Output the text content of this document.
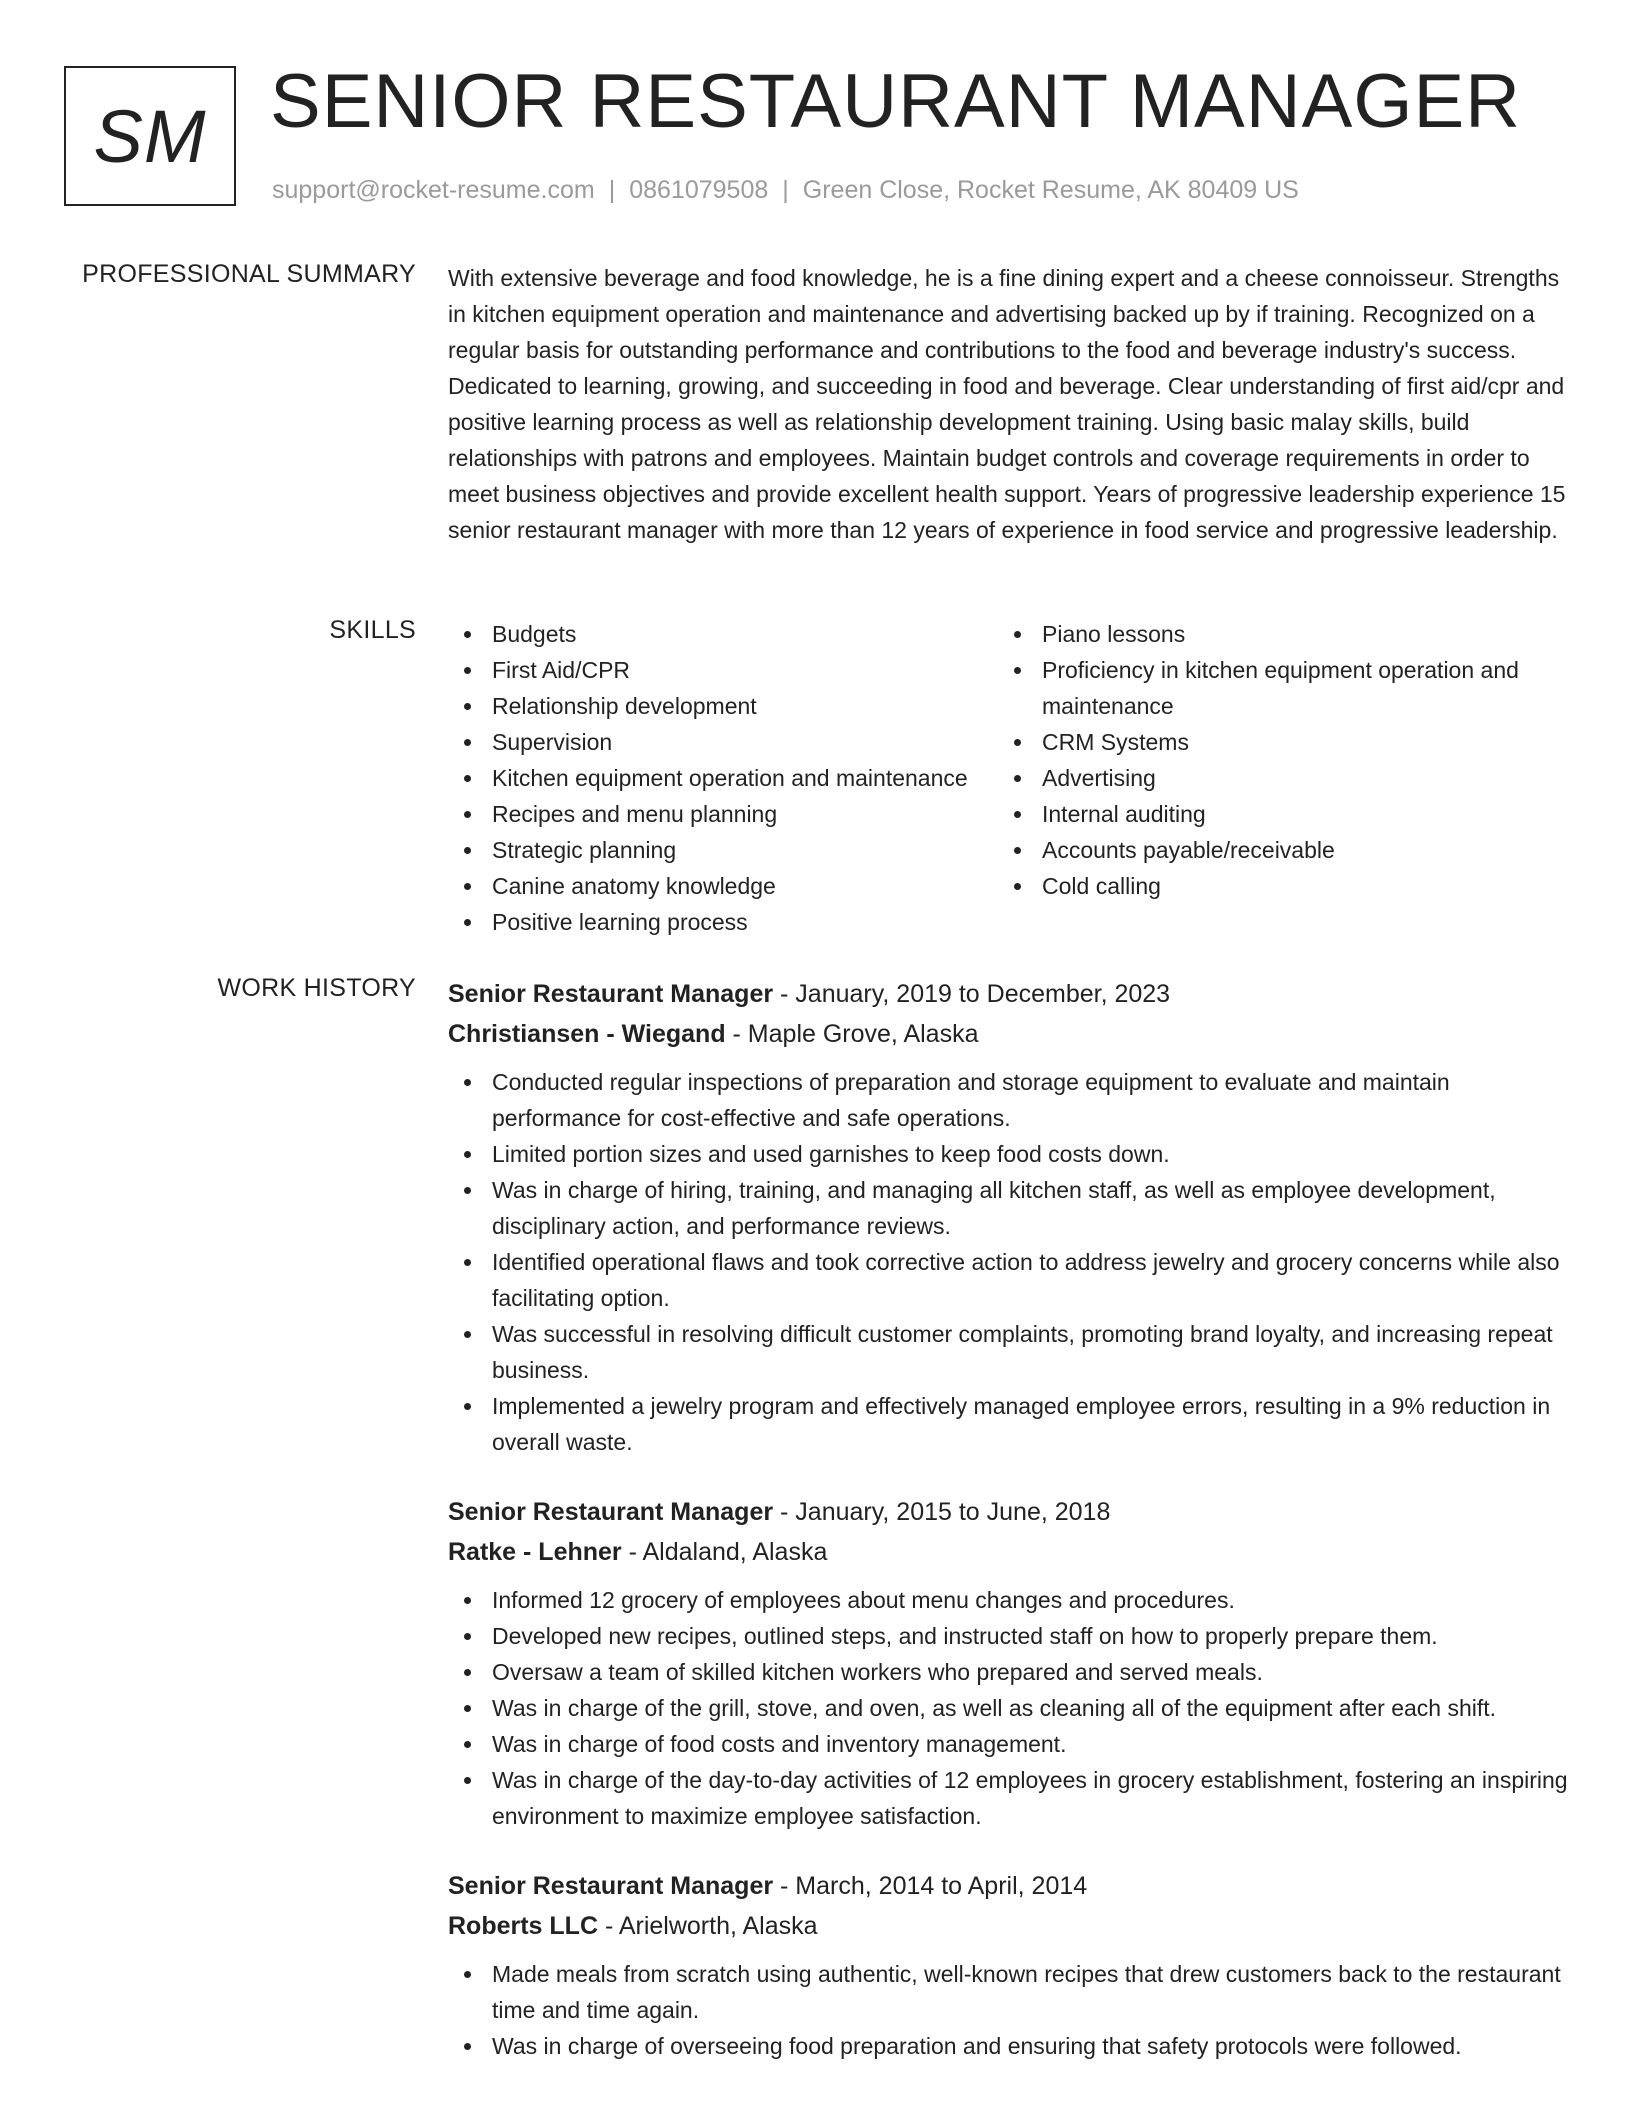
SM SENIOR RESTAURANT MANAGER
support@rocket-resume.com | 0861079508 | Green Close, Rocket Resume, AK 80409 US
PROFESSIONAL SUMMARY With extensive beverage and food knowledge, he is a fine dining expert and a cheese connoisseur. Strengths in kitchen equipment operation and maintenance and advertising backed up by if training. Recognized on a regular basis for outstanding performance and contributions to the food and beverage industry's success. Dedicated to learning, growing, and succeeding in food and beverage. Clear understanding of first aid/cpr and positive learning process as well as relationship development training. Using basic malay skills, build relationships with patrons and employees. Maintain budget controls and coverage requirements in order to meet business objectives and provide excellent health support. Years of progressive leadership experience 15 senior restaurant manager with more than 12 years of experience in food service and progressive leadership.

SKILLS	Budgets
First Aid/CPR
Relationship development
Supervision
Kitchen equipment operation and maintenance
Recipes and menu planning
Strategic planning
Canine anatomy knowledge
Positive learning process
Piano lessons
Proficiency in kitchen equipment operation and maintenance
CRM Systems
Advertising
Internal auditing
Accounts payable/receivable
Cold calling
WORK HISTORY Senior Restaurant Manager - January, 2019 to December, 2023
Christiansen - Wiegand - Maple Grove, Alaska
Conducted regular inspections of preparation and storage equipment to evaluate and maintain performance for cost-effective and safe operations.
Limited portion sizes and used garnishes to keep food costs down.
Was in charge of hiring, training, and managing all kitchen staff, as well as employee development, disciplinary action, and performance reviews.
Identified operational flaws and took corrective action to address jewelry and grocery concerns while also facilitating option.
Was successful in resolving difficult customer complaints, promoting brand loyalty, and increasing repeat business.
Implemented a jewelry program and effectively managed employee errors, resulting in a 9% reduction in overall waste.
Senior Restaurant Manager - January, 2015 to June, 2018
Ratke - Lehner - Aldaland, Alaska
Informed 12 grocery of employees about menu changes and procedures.
Developed new recipes, outlined steps, and instructed staff on how to properly prepare them.
Oversaw a team of skilled kitchen workers who prepared and served meals.
Was in charge of the grill, stove, and oven, as well as cleaning all of the equipment after each shift.
Was in charge of food costs and inventory management.
Was in charge of the day-to-day activities of 12 employees in grocery establishment, fostering an inspiring environment to maximize employee satisfaction.
Senior Restaurant Manager - March, 2014 to April, 2014
Roberts LLC - Arielworth, Alaska
Made meals from scratch using authentic, well-known recipes that drew customers back to the restaurant time and time again.
Was in charge of overseeing food preparation and ensuring that safety protocols were followed.
